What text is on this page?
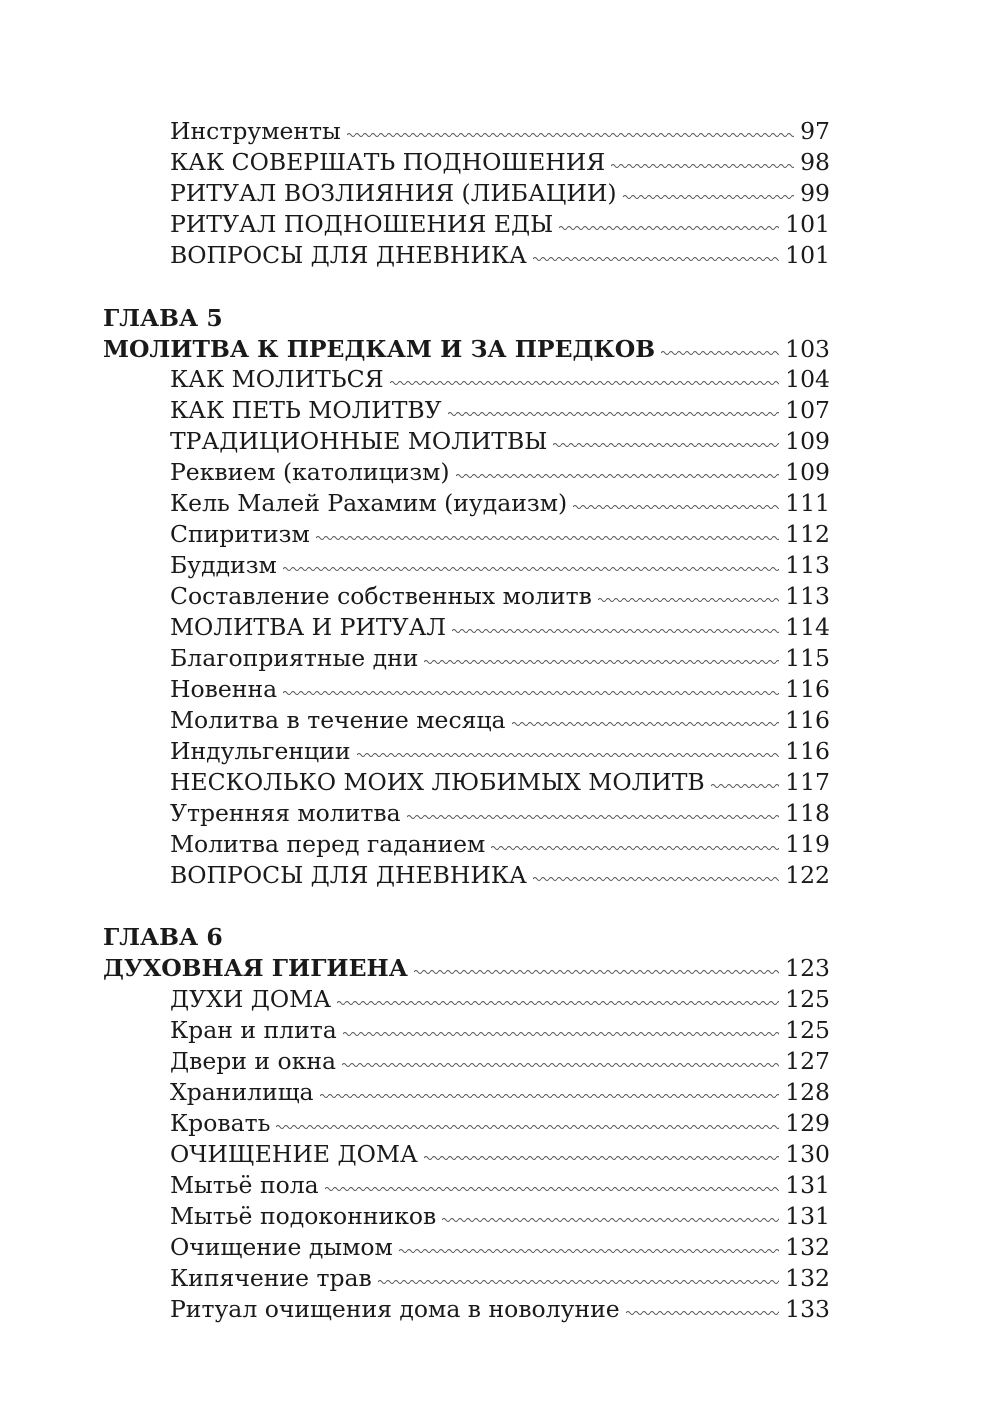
Инструменты	97
КАК СОВЕРШАТЬ ПОДНОШЕНИЯ	98
РИТУАЛ ВОЗЛИЯНИЯ (ЛИБАЦИИ)	99
РИТУАЛ ПОДНОШЕНИЯ ЕДЫ	101
ВОПРОСЫ ДЛЯ ДНЕВНИКА	101
ГЛАВА 5
МОЛИТВА К ПРЕДКАМ И ЗА ПРЕДКОВ	103
КАК МОЛИТЬСЯ	104
КАК ПЕТЬ МОЛИТВУ	107
ТРАДИЦИОННЫЕ МОЛИТВЫ	109
Реквием (католицизм)	109
Кель Малей Рахамим (иудаизм)	111
Спиритизм	112
Буддизм	113
Составление собственных молитв	113
МОЛИТВА И РИТУАЛ	114
Благоприятные дни	115
Новенна	116
Молитва в течение месяца	116
Индульгенции	116
НЕСКОЛЬКО МОИХ ЛЮБИМЫХ МОЛИТВ	117
Утренняя молитва	118
Молитва перед гаданием	119
ВОПРОСЫ ДЛЯ ДНЕВНИКА	122
ГЛАВА 6
ДУХОВНАЯ ГИГИЕНА	123
ДУХИ ДОМА	125
Кран и плита	125
Двери и окна	127
Хранилища	128
Кровать	129
ОЧИЩЕНИЕ ДОМА	130
Мытьё пола	131
Мытьё подоконников	131
Очищение дымом	132
Кипячение трав	132
Ритуал очищения дома в новолуние	133
